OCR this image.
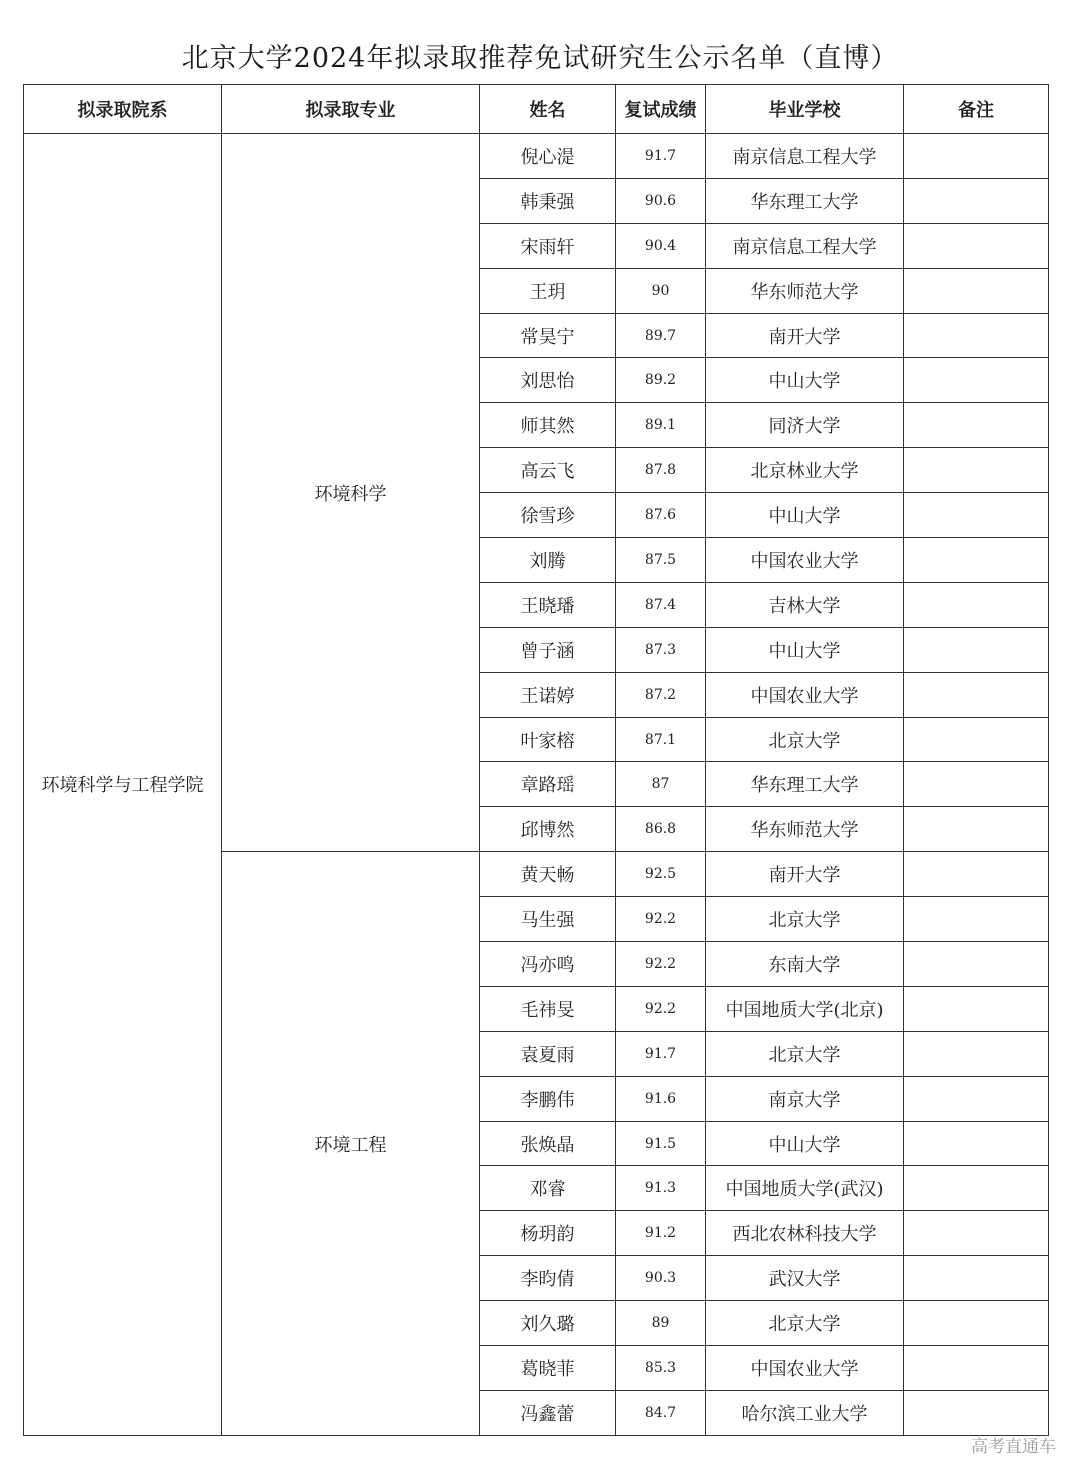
北京大学2024年拟录取推荐免试研究生公示名单（直博）
拟录取院系	拟录取专业	姓名	复试成绩	毕业学校	备注
环境科学与工程学院	环境科学	倪心湜	91.7	南京信息工程大学	
		韩秉强	90.6	华东理工大学	
		宋雨轩	90.4	南京信息工程大学	
		王玥	90	华东师范大学	
		常昊宁	89.7	南开大学	
		刘思怡	89.2	中山大学	
		师其然	89.1	同济大学	
		高云飞	87.8	北京林业大学	
		徐雪珍	87.6	中山大学	
		刘腾	87.5	中国农业大学	
		王晓璠	87.4	吉林大学	
		曾子涵	87.3	中山大学	
		王诺婷	87.2	中国农业大学	
		叶家榕	87.1	北京大学	
		章路瑶	87	华东理工大学	
		邱博然	86.8	华东师范大学	
	环境工程	黄天畅	92.5	南开大学	
		马生强	92.2	北京大学	
		冯亦鸣	92.2	东南大学	
		毛祎旻	92.2	中国地质大学(北京)	
		袁夏雨	91.7	北京大学	
		李鹏伟	91.6	南京大学	
		张焕晶	91.5	中山大学	
		邓睿	91.3	中国地质大学(武汉)	
		杨玥韵	91.2	西北农林科技大学	
		李昀倩	90.3	武汉大学	
		刘久璐	89	北京大学	
		葛晓菲	85.3	中国农业大学	
		冯鑫蕾	84.7	哈尔滨工业大学	
高考直通车
